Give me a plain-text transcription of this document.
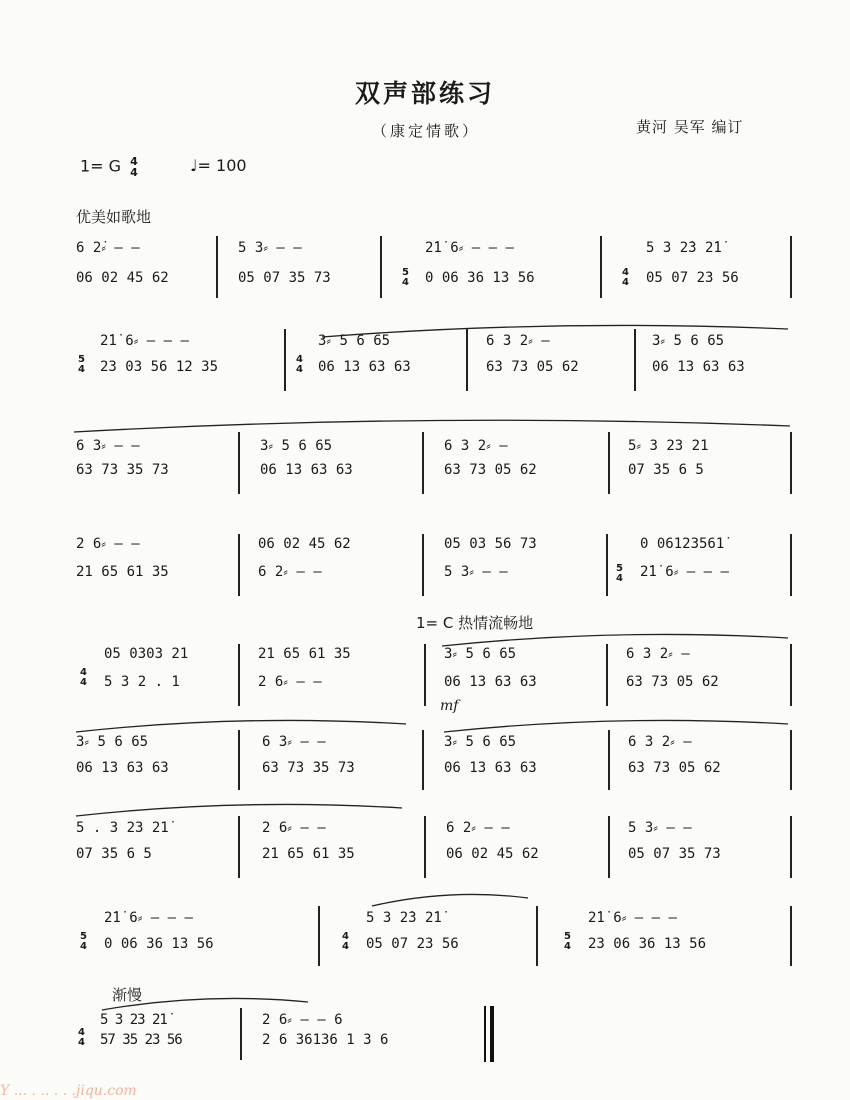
双声部练习
（康定情歌）	黄河 吴军 编订
1= G 4
4	♩= 100
优美如歌地
6 2̇⸗ — —
06 02 45 62
5 3⸗ — —
05 07 35 73	5
4
2̇1̇ 6⸗ — — —
0 06 36 13 56	4
4
5 3 2̇3 2̇1̇
05 07 23 56
5
4
2̇1̇ 6⸗ — — —
23 03 56 12 35	4
4
3⸗ 5 6 65
06 13 63 63
6 3 2⸗ —
63 73 05 62
3⸗ 5 6 65
06 13 63 63
6 3⸗ — —
63 73 35 73
3⸗ 5 6 65
06 13 63 63
6 3 2⸗ —
63 73 05 62
5⸗ 3 23 21
07 35 6 5
2 6⸗ — —
21 65 61 35
06 02 45 62
6 2⸗ — —
05 03 56 73
5 3⸗ — —	5
4
0 06123561̇
2̇1̇ 6⸗ — — —
1= C 热情流畅地
4
4
05 0303 21
5 3 2 . 1
21 65 61 35
2 6⸗ — —
3⸗ 5 6 65
06 13 63 63
mf
6 3 2⸗ —
63 73 05 62
3⸗ 5 6 65
06 13 63 63
6 3⸗ — —
63 73 35 73
3⸗ 5 6 65
06 13 63 63
6 3 2⸗ —
63 73 05 62
5 . 3 23 21̇
07 35 6 5
2 6⸗ — —
21 65 61 35
6 2⸗ — —
06 02 45 62
5 3⸗ — —
05 07 35 73
5
4
2̇1̇ 6⸗ — — —
0 06 36 13 56	4
4
5 3 2̇3 2̇1̇
05 07 23 56	5
4
2̇1̇ 6⸗ — — —
23 06 36 13 56
渐慢
4
4
5 3 23 21̇
57 35 23 56
2 6⸗ — — 6
2 6 36136 1 3 6
Y ... . .. . . .jiqu.com
